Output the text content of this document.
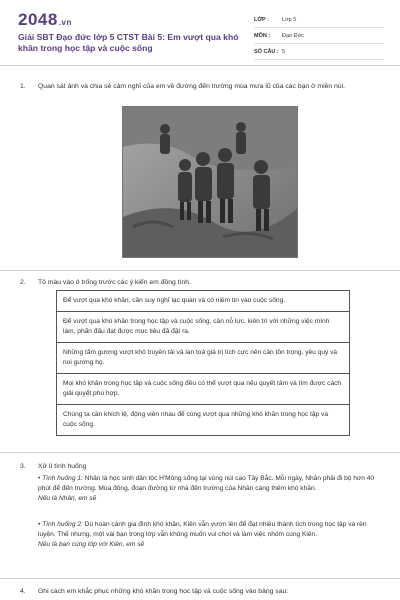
2048.vn
Giải SBT Đạo đức lớp 5 CTST Bài 5: Em vượt qua khó khăn trong học tập và cuộc sống
LỚP :	Lớp 5
MÔN :	Đạo Đức
SỐ CÂU : 5
1. Quan sát ảnh và chia sẻ cảm nghĩ của em về đường đến trường mùa mưa lũ của các bạn ở miền núi.
2. Tô màu vào ô trống trước các ý kiến em đồng tình.
Để vượt qua khó khăn, cần suy nghĩ lạc quan và có niềm tin vào cuộc sống.
Để vượt qua khó khăn trong học tập và cuộc sống, cần nỗ lực, kiên trì với những việc mình làm, phấn đấu đạt được mục tiêu đã đặt ra.
Những tấm gương vượt khó truyền tải và lan toả giá trị tích cực nên cần tôn trọng, yêu quý và noi gương họ.
Mọi khó khăn trong học tập và cuộc sống đều có thể vượt qua nếu quyết tâm và tìm được cách giải quyết phù hợp.
Chúng ta cần khích lệ, động viên nhau để cùng vượt qua những khó khăn trong học tập và cuộc sống.
3. Xử lí tình huống
• Tình huống 1: Nhân là học sinh dân tộc H'Mông sống tại vùng núi cao Tây Bắc. Mỗi ngày, Nhân phải đi bộ hơn 40 phút để đến trường. Mùa đông, đoạn đường từ nhà đến trường của Nhân càng thêm khó khăn.
Nếu là Nhân, em sẽ
• Tình huống 2: Dù hoàn cảnh gia đình khó khăn, Kiên vẫn vươn lên để đạt nhiều thành tích trong học tập và rèn luyện. Thế nhưng, một vài bạn trong lớp vẫn không muốn vui chơi và làm việc nhóm cùng Kiên.
Nếu là bạn cùng lớp với Kiên, em sẽ
4. Ghi cách em khắc phục những khó khăn trong học tập và cuộc sống vào bảng sau:
